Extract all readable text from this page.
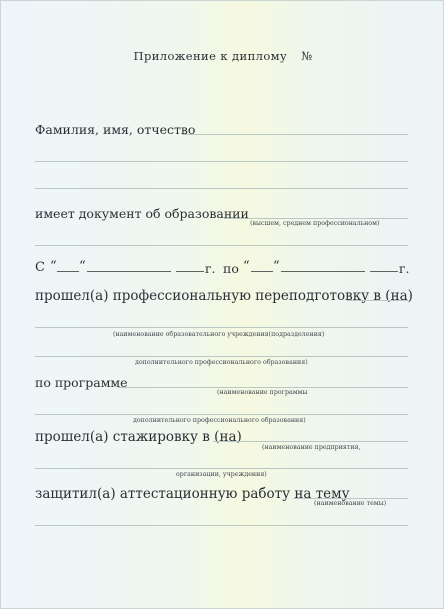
Приложение к диплому №
Фамилия, имя, отчество
имеет документ об образовании
(высшем, среднем профессиональном)
С “ “	г. по “ “	г.
прошел(а) профессиональную переподготовку в (на)
(наименование образовательного учреждения(подразделения)
дополнительного профессионального образования)
по программе
(наименование программы
дополнительного профессионального образования)
прошел(а) стажировку в (на)
(наименование предприятия,
организации, учреждения)
защитил(а) аттестационную работу на тему
(наименование темы)
